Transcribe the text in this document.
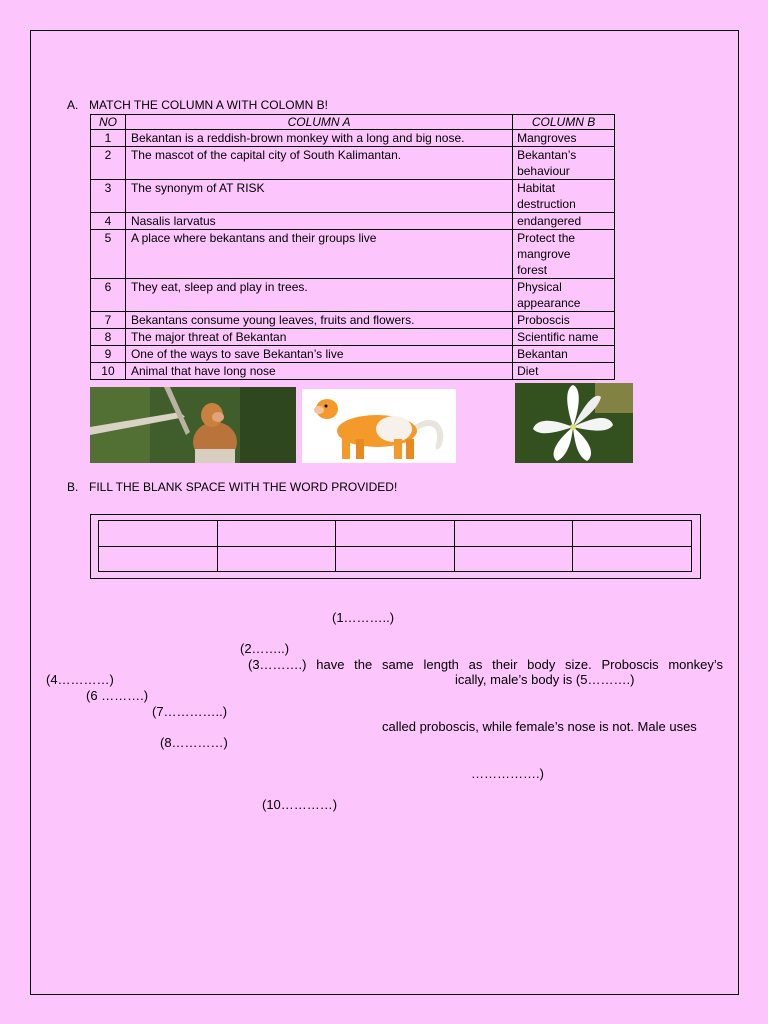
A. MATCH THE COLUMN A WITH COLOMN B!
NO	COLUMN A	COLUMN B
1	Bekantan is a reddish-brown monkey with a long and big nose.	Mangroves

2	The mascot of the capital city of South Kalimantan.	Bekantan’s
behaviour

3	The synonym of AT RISK	Habitat
destruction

4	Nasalis larvatus	endangered

5	A place where bekantans and their groups live	Protect the
mangrove
forest

6	They eat, sleep and play in trees.	Physical
appearance

7	Bekantans consume young leaves, fruits and flowers.	Proboscis

8	The major threat of Bekantan	Scientific name

9	One of the ways to save Bekantan’s live	Bekantan

10	Animal that have long nose	Diet
B. FILL THE BLANK SPACE WITH THE WORD PROVIDED!

(1………..)
(2……..)
(3……….) have the same length as their body size. Proboscis monkey’s
(4…………)	ically, male’s body is (5……….)
(6 ……….)
(7…………..)
called proboscis, while female’s nose is not. Male uses
(8…………)
…………….)
(10…………)
